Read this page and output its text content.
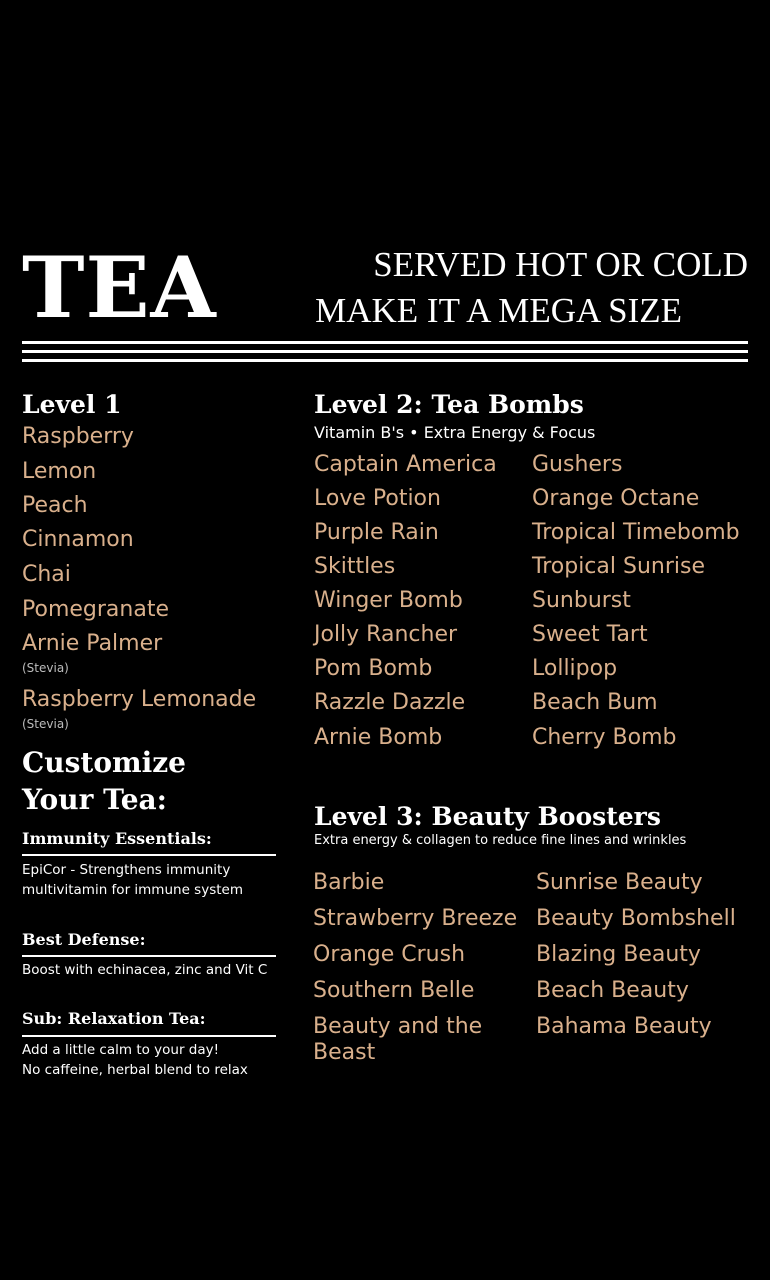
TEA	SERVED HOT OR COLD
MAKE IT A MEGA SIZE
Level 1
Raspberry
Lemon
Peach
Cinnamon
Chai
Pomegranate
Arnie Palmer
(Stevia)
Raspberry Lemonade
(Stevia)
Customize
Your Tea:
Immunity Essentials:
EpiCor - Strengthens immunity
multivitamin for immune system
Best Defense:
Boost with echinacea, zinc and Vit C
Sub: Relaxation Tea:
Add a little calm to your day!
No caffeine, herbal blend to relax
Level 2: Tea Bombs
Vitamin B's • Extra Energy & Focus
Captain America
Love Potion
Purple Rain
Skittles
Winger Bomb
Jolly Rancher
Pom Bomb
Razzle Dazzle
Arnie Bomb
Gushers
Orange Octane
Tropical Timebomb
Tropical Sunrise
Sunburst
Sweet Tart
Lollipop
Beach Bum
Cherry Bomb
Level 3: Beauty Boosters
Extra energy & collagen to reduce fine lines and wrinkles
Barbie
Strawberry Breeze
Orange Crush
Southern Belle
Beauty and the
Beast
Sunrise Beauty
Beauty Bombshell
Blazing Beauty
Beach Beauty
Bahama Beauty
